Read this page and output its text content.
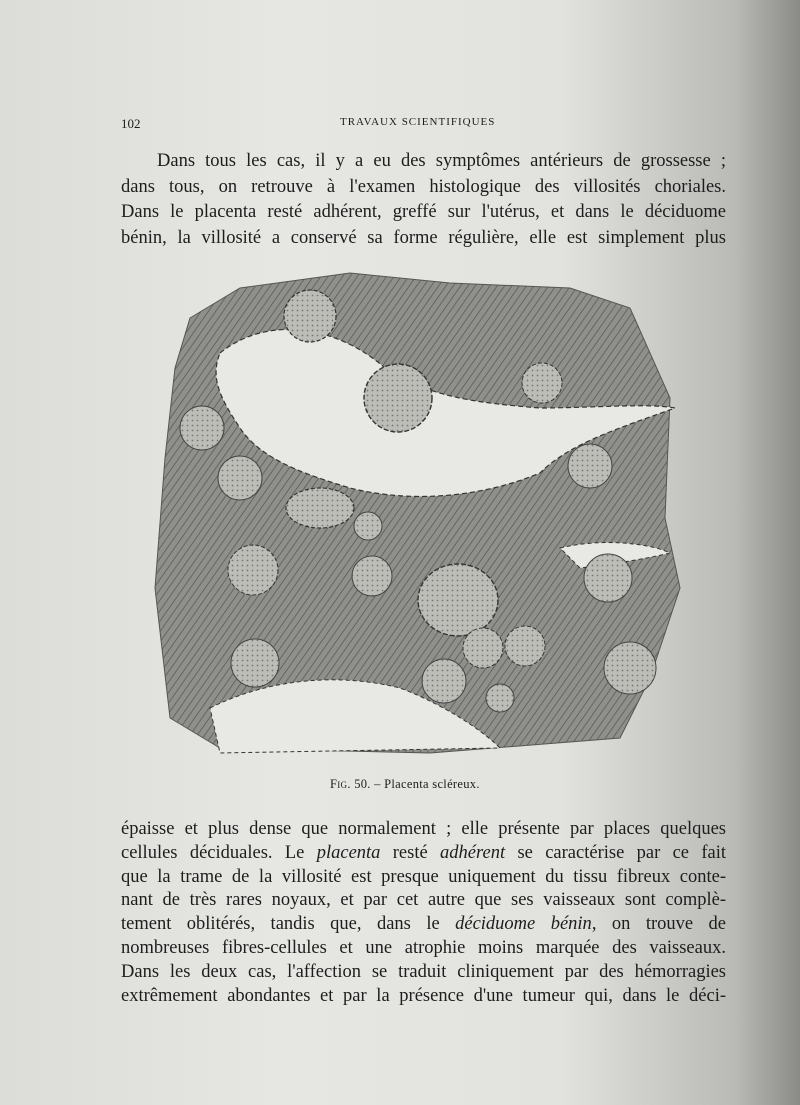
102	TRAVAUX SCIENTIFIQUES

Dans tous les cas, il y a eu des symptômes antérieurs de grossesse ;
dans tous, on retrouve à l'examen histologique des villosités choriales.
Dans le placenta resté adhérent, greffé sur l'utérus, et dans le déciduome
bénin, la villosité a conservé sa forme régulière, elle est simplement plus

Fig. 50. – Placenta scléreux.

épaisse et plus dense que normalement ; elle présente par places quelques
cellules déciduales. Le placenta resté adhérent se caractérise par ce fait
que la trame de la villosité est presque uniquement du tissu fibreux conte-
nant de très rares noyaux, et par cet autre que ses vaisseaux sont complè-
tement oblitérés, tandis que, dans le déciduome bénin, on trouve de
nombreuses fibres-cellules et une atrophie moins marquée des vaisseaux.
Dans les deux cas, l'affection se traduit cliniquement par des hémorragies
extrêmement abondantes et par la présence d'une tumeur qui, dans le déci-
